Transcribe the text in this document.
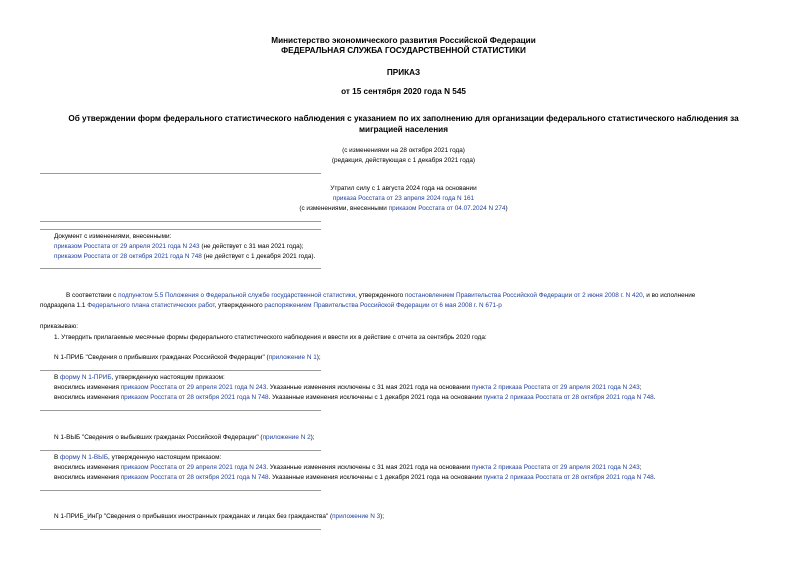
Министерство экономического развития Российской Федерации
ФЕДЕРАЛЬНАЯ СЛУЖБА ГОСУДАРСТВЕННОЙ СТАТИСТИКИ
ПРИКАЗ
от 15 сентября 2020 года N 545
Об утверждении форм федерального статистического наблюдения с указанием по их заполнению для организации федерального статистического наблюдения за
миграцией населения
(с изменениями на 28 октября 2021 года)
(редакция, действующая с 1 декабря 2021 года)
Утратил силу с 1 августа 2024 года на основании
приказа Росстата от 23 апреля 2024 года N 161
(с изменениями, внесенными приказом Росстата от 04.07.2024 N 274)
Документ с изменениями, внесенными:
приказом Росстата от 29 апреля 2021 года N 243 (не действует с 31 мая 2021 года);
приказом Росстата от 28 октября 2021 года N 748 (не действует с 1 декабря 2021 года).
В соответствии с подпунктом 5.5 Положения о Федеральной службе государственной статистики, утвержденного постановлением Правительства Российской Федерации от 2 июня 2008 г. N 420, и во исполнение
подраздела 1.1 Федерального плана статистических работ, утвержденного распоряжением Правительства Российской Федерации от 6 мая 2008 г. N 671-р
приказываю:
1. Утвердить прилагаемые месячные формы федерального статистического наблюдения и ввести их в действие с отчета за сентябрь 2020 года:
N 1-ПРИБ "Сведения о прибывших гражданах Российской Федерации" (приложение N 1);
В форму N 1-ПРИБ, утвержденную настоящим приказом:
вносились изменения приказом Росстата от 29 апреля 2021 года N 243. Указанные изменения исключены с 31 мая 2021 года на основании пункта 2 приказа Росстата от 29 апреля 2021 года N 243;
вносились изменения приказом Росстата от 28 октября 2021 года N 748. Указанные изменения исключены с 1 декабря 2021 года на основании пункта 2 приказа Росстата от 28 октября 2021 года N 748.
N 1-ВЫБ "Сведения о выбывших гражданах Российской Федерации" (приложение N 2);
В форму N 1-ВЫБ, утвержденную настоящим приказом:
вносились изменения приказом Росстата от 29 апреля 2021 года N 243. Указанные изменения исключены с 31 мая 2021 года на основании пункта 2 приказа Росстата от 29 апреля 2021 года N 243;
вносились изменения приказом Росстата от 28 октября 2021 года N 748. Указанные изменения исключены с 1 декабря 2021 года на основании пункта 2 приказа Росстата от 28 октября 2021 года N 748.
N 1-ПРИБ_ИнГр "Сведения о прибывших иностранных гражданах и лицах без гражданства" (приложение N 3);
